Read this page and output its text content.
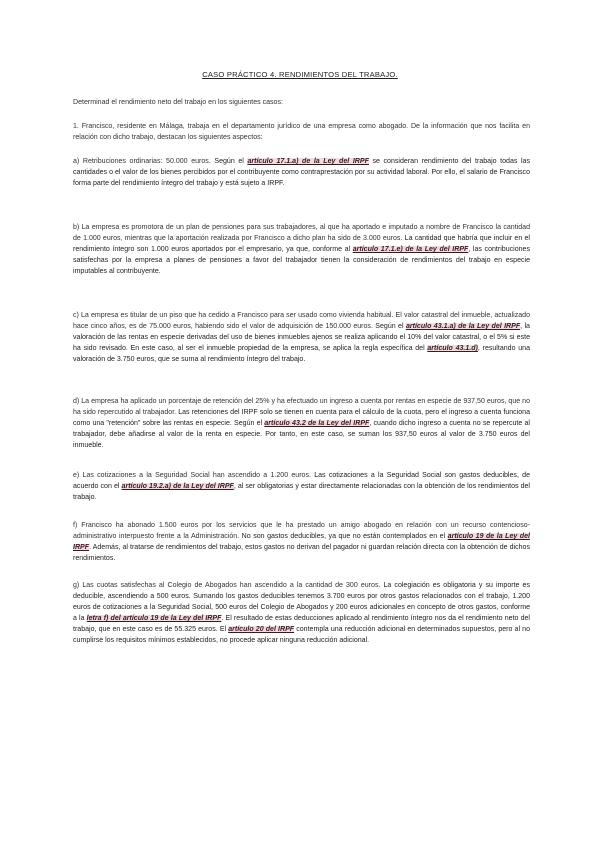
CASO PRÁCTICO 4. RENDIMIENTOS DEL TRABAJO.
Determinad el rendimiento neto del trabajo en los siguientes casos:
1. Francisco, residente en Málaga, trabaja en el departamento jurídico de una empresa como abogado. De la información que nos facilita en relación con dicho trabajo, destacan los siguientes aspectos:
a) Retribuciones ordinarias: 50.000 euros. Según el artículo 17.1.a) de la Ley del IRPF se consideran rendimiento del trabajo todas las cantidades o el valor de los bienes percibidos por el contribuyente como contraprestación por su actividad laboral. Por ello, el salario de Francisco forma parte del rendimiento íntegro del trabajo y está sujeto a IRPF.
b) La empresa es promotora de un plan de pensiones para sus trabajadores, al que ha aportado e imputado a nombre de Francisco la cantidad de 1.000 euros, mientras que la aportación realizada por Francisco a dicho plan ha sido de 3.000 euros. La cantidad que habría que incluir en el rendimiento íntegro son 1.000 euros aportados por el empresario, ya que, conforme al artículo 17.1.e) de la Ley del IRPF, las contribuciones satisfechas por la empresa a planes de pensiones a favor del trabajador tienen la consideración de rendimientos del trabajo en especie imputables al contribuyente.
c) La empresa es titular de un piso que ha cedido a Francisco para ser usado como vivienda habitual. El valor catastral del inmueble, actualizado hace cinco años, es de 75.000 euros, habiendo sido el valor de adquisición de 150.000 euros. Según el artículo 43.1.a) de la Ley del IRPF, la valoración de las rentas en especie derivadas del uso de bienes inmuebles ajenos se realiza aplicando el 10% del valor catastral, o el 5% si este ha sido revisado. En este caso, al ser el inmueble propiedad de la empresa, se aplica la regla específica del artículo 43.1.d), resultando una valoración de 3.750 euros, que se suma al rendimiento íntegro del trabajo.
d) La empresa ha aplicado un porcentaje de retención del 25% y ha efectuado un ingreso a cuenta por rentas en especie de 937,50 euros, que no ha sido repercutido al trabajador. Las retenciones del IRPF solo se tienen en cuenta para el cálculo de la cuota, pero el ingreso a cuenta funciona como una "retención" sobre las rentas en especie. Según el artículo 43.2 de la Ley del IRPF, cuando dicho ingreso a cuenta no se repercute al trabajador, debe añadirse al valor de la renta en especie. Por tanto, en este caso, se suman los 937,50 euros al valor de 3.750 euros del inmueble.
e) Las cotizaciones a la Seguridad Social han ascendido a 1.200 euros. Las cotizaciones a la Seguridad Social son gastos deducibles, de acuerdo con el artículo 19.2.a) de la Ley del IRPF, al ser obligatorias y estar directamente relacionadas con la obtención de los rendimientos del trabajo.
f) Francisco ha abonado 1.500 euros por los servicios que le ha prestado un amigo abogado en relación con un recurso contencioso-administrativo interpuesto frente a la Administración. No son gastos deducibles, ya que no están contemplados en el artículo 19 de la Ley del IRPF. Además, al tratarse de rendimientos del trabajo, estos gastos no derivan del pagador ni guardan relación directa con la obtención de dichos rendimientos.
g) Las cuotas satisfechas al Colegio de Abogados han ascendido a la cantidad de 300 euros. La colegiación es obligatoria y su importe es deducible, ascendiendo a 500 euros. Sumando los gastos deducibles tenemos 3.700 euros por otros gastos relacionados con el trabajo, 1.200 euros de cotizaciones a la Seguridad Social, 500 euros del Colegio de Abogados y 200 euros adicionales en concepto de otros gastos, conforme a la letra f) del artículo 19 de la Ley del IRPF. El resultado de estas deducciones aplicado al rendimiento íntegro nos da el rendimiento neto del trabajo, que en este caso es de 55.325 euros. El artículo 20 del IRPF contempla una reducción adicional en determinados supuestos, pero al no cumplirse los requisitos mínimos establecidos, no procede aplicar ninguna reducción adicional.
